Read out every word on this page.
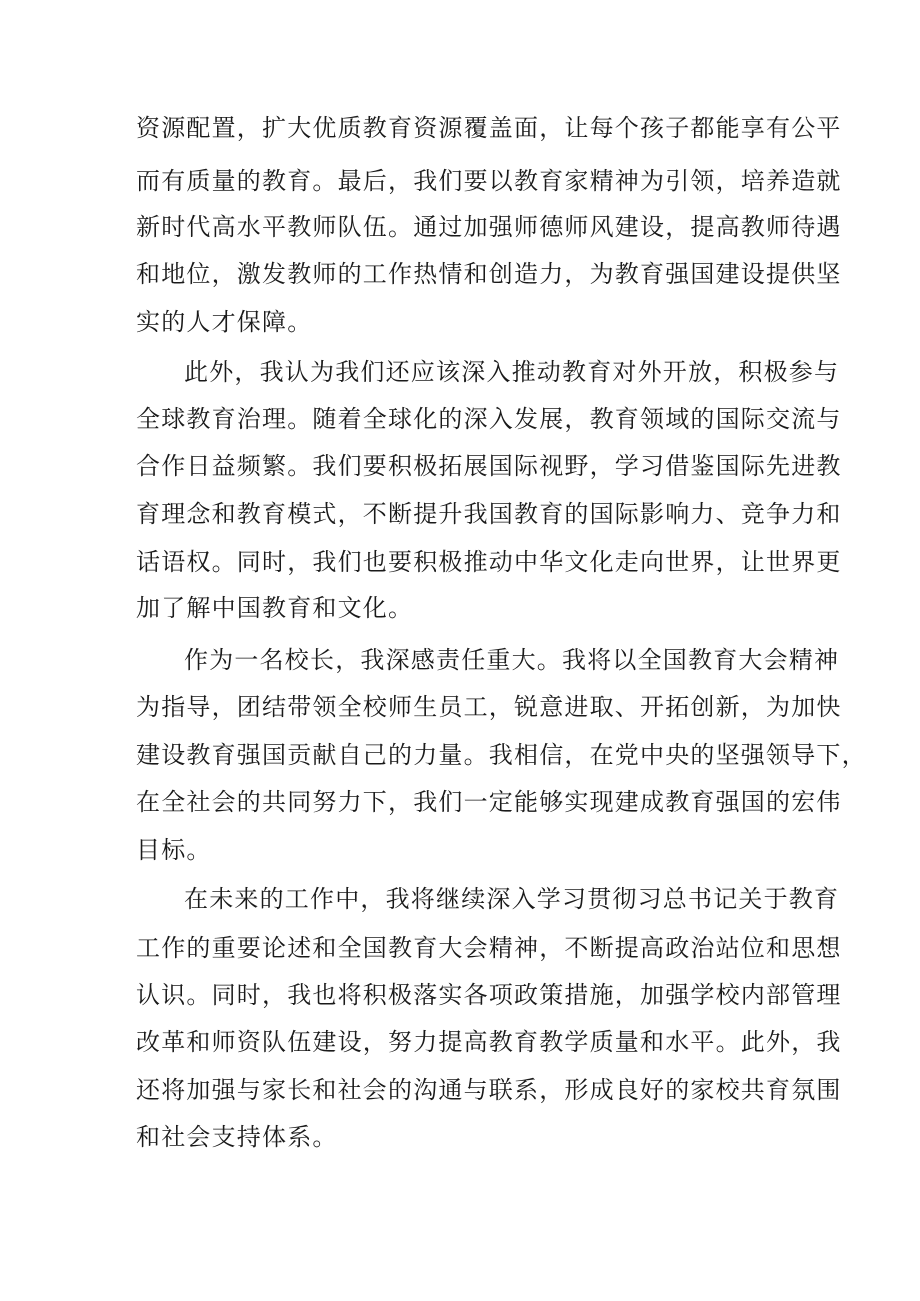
资源配置，扩大优质教育资源覆盖面，让每个孩子都能享有公平
而有质量的教育。最后，我们要以教育家精神为引领，培养造就
新时代高水平教师队伍。通过加强师德师风建设，提高教师待遇
和地位，激发教师的工作热情和创造力，为教育强国建设提供坚
实的人才保障。
此外，我认为我们还应该深入推动教育对外开放，积极参与
全球教育治理。随着全球化的深入发展，教育领域的国际交流与
合作日益频繁。我们要积极拓展国际视野，学习借鉴国际先进教
育理念和教育模式，不断提升我国教育的国际影响力、竞争力和
话语权。同时，我们也要积极推动中华文化走向世界，让世界更
加了解中国教育和文化。
作为一名校长，我深感责任重大。我将以全国教育大会精神
为指导，团结带领全校师生员工，锐意进取、开拓创新，为加快
建设教育强国贡献自己的力量。我相信，在党中央的坚强领导下，
在全社会的共同努力下，我们一定能够实现建成教育强国的宏伟
目标。
在未来的工作中，我将继续深入学习贯彻习总书记关于教育
工作的重要论述和全国教育大会精神，不断提高政治站位和思想
认识。同时，我也将积极落实各项政策措施，加强学校内部管理
改革和师资队伍建设，努力提高教育教学质量和水平。此外，我
还将加强与家长和社会的沟通与联系，形成良好的家校共育氛围
和社会支持体系。
